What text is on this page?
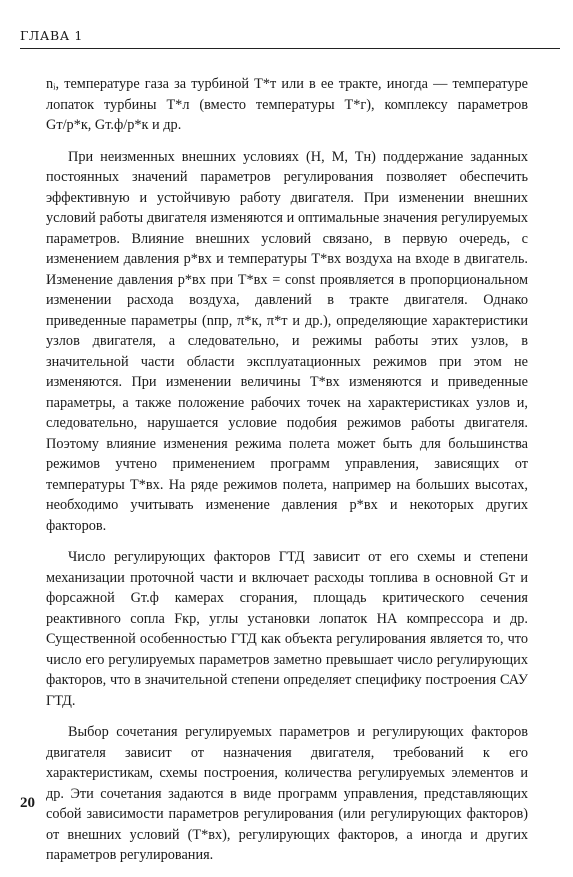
ГЛАВА 1

nᵢ, температуре газа за турбиной T*т или в ее тракте, иногда — температуре лопаток турбины T*л (вместо температуры T*г), комплексу параметров Gт/p*к, Gт.ф/p*к и др.

При неизменных внешних условиях (H, M, Tн) поддержание заданных постоянных значений параметров регулирования позволяет обеспечить эффективную и устойчивую работу двигателя. При изменении внешних условий работы двигателя изменяются и оптимальные значения регулируемых параметров. Влияние внешних условий связано, в первую очередь, с изменением давления p*вх и температуры T*вх воздуха на входе в двигатель. Изменение давления p*вх при T*вх = const проявляется в пропорциональном изменении расхода воздуха, давлений в тракте двигателя. Однако приведенные параметры (nпр, π*к, π*т и др.), определяющие характеристики узлов двигателя, а следовательно, и режимы работы этих узлов, в значительной части области эксплуатационных режимов при этом не изменяются. При изменении величины T*вх изменяются и приведенные параметры, а также положение рабочих точек на характеристиках узлов и, следовательно, нарушается условие подобия режимов работы двигателя. Поэтому влияние изменения режима полета может быть для большинства режимов учтено применением программ управления, зависящих от температуры T*вх. На ряде режимов полета, например на больших высотах, необходимо учитывать изменение давления p*вх и некоторых других факторов.

Число регулирующих факторов ГТД зависит от его схемы и степени механизации проточной части и включает расходы топлива в основной Gт и форсажной Gт.ф камерах сгорания, площадь критического сечения реактивного сопла Fкр, углы установки лопаток НА компрессора и др. Существенной особенностью ГТД как объекта регулирования является то, что число его регулируемых параметров заметно превышает число регулирующих факторов, что в значительной степени определяет специфику построения САУ ГТД.

Выбор сочетания регулируемых параметров и регулирующих факторов двигателя зависит от назначения двигателя, требований к его характеристикам, схемы построения, количества регулируемых элементов и др. Эти сочетания задаются в виде программ управления, представляющих собой зависимости параметров регулирования (или регулирующих факторов) от внешних условий (T*вх), регулирующих факторов, а иногда и других параметров регулирования.

20
